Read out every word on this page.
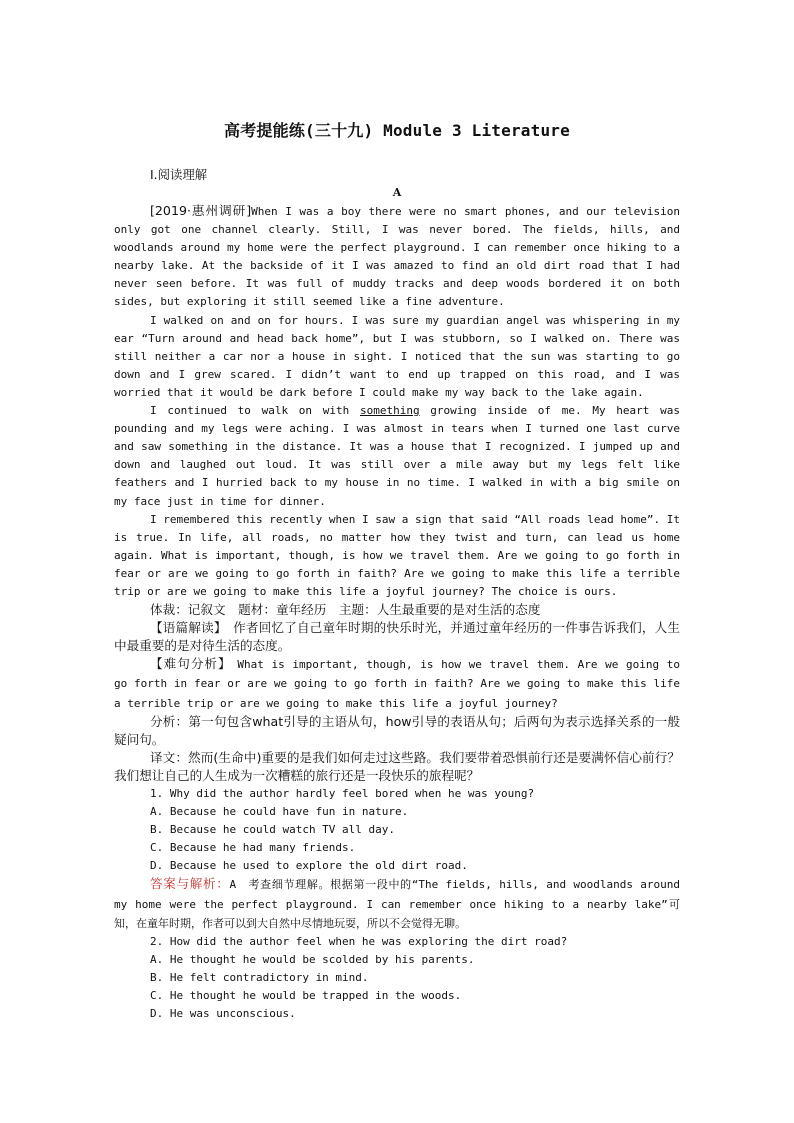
高考提能练(三十九) Module 3 Literature
Ⅰ.阅读理解
A

[2019·惠州调研]When I was a boy there were no smart phones, and our television only got one channel clearly. Still, I was never bored. The fields, hills, and woodlands around my home were the perfect playground. I can remember once hiking to a nearby lake. At the backside of it I was amazed to find an old dirt road that I had never seen before. It was full of muddy tracks and deep woods bordered it on both sides, but exploring it still seemed like a fine adventure.

I walked on and on for hours. I was sure my guardian angel was whispering in my ear “Turn around and head back home”, but I was stubborn, so I walked on. There was still neither a car nor a house in sight. I noticed that the sun was starting to go down and I grew scared. I didn’t want to end up trapped on this road, and I was worried that it would be dark before I could make my way back to the lake again.

I continued to walk on with something growing inside of me. My heart was pounding and my legs were aching. I was almost in tears when I turned one last curve and saw something in the distance. It was a house that I recognized. I jumped up and down and laughed out loud. It was still over a mile away but my legs felt like feathers and I hurried back to my house in no time. I walked in with a big smile on my face just in time for dinner.

I remembered this recently when I saw a sign that said “All roads lead home”. It is true. In life, all roads, no matter how they twist and turn, can lead us home again. What is important, though, is how we travel them. Are we going to go forth in fear or are we going to go forth in faith? Are we going to make this life a terrible trip or are we going to make this life a joyful journey? The choice is ours.

体裁：记叙文　题材：童年经历　主题：人生最重要的是对生活的态度

【语篇解读】　作者回忆了自己童年时期的快乐时光，并通过童年经历的一件事告诉我们，人生中最重要的是对待生活的态度。

【难句分析】　What is important, though, is how we travel them. Are we going to go forth in fear or are we going to go forth in faith? Are we going to make this life a terrible trip or are we going to make this life a joyful journey?

分析：第一句包含what引导的主语从句，how引导的表语从句；后两句为表示选择关系的一般疑问句。

译文：然而(生命中)重要的是我们如何走过这些路。我们要带着恐惧前行还是要满怀信心前行？我们想让自己的人生成为一次糟糕的旅行还是一段快乐的旅程呢？

1. Why did the author hardly feel bored when he was young?

A. Because he could have fun in nature.

B. Because he could watch TV all day.

C. Because he had many friends.

D. Because he used to explore the old dirt road.

答案与解析：A　考查细节理解。根据第一段中的“The fields, hills, and woodlands around my home were the perfect playground. I can remember once hiking to a nearby lake”可知，在童年时期，作者可以到大自然中尽情地玩耍，所以不会觉得无聊。

2. How did the author feel when he was exploring the dirt road?

A. He thought he would be scolded by his parents.

B. He felt contradictory in mind.

C. He thought he would be trapped in the woods.

D. He was unconscious.
